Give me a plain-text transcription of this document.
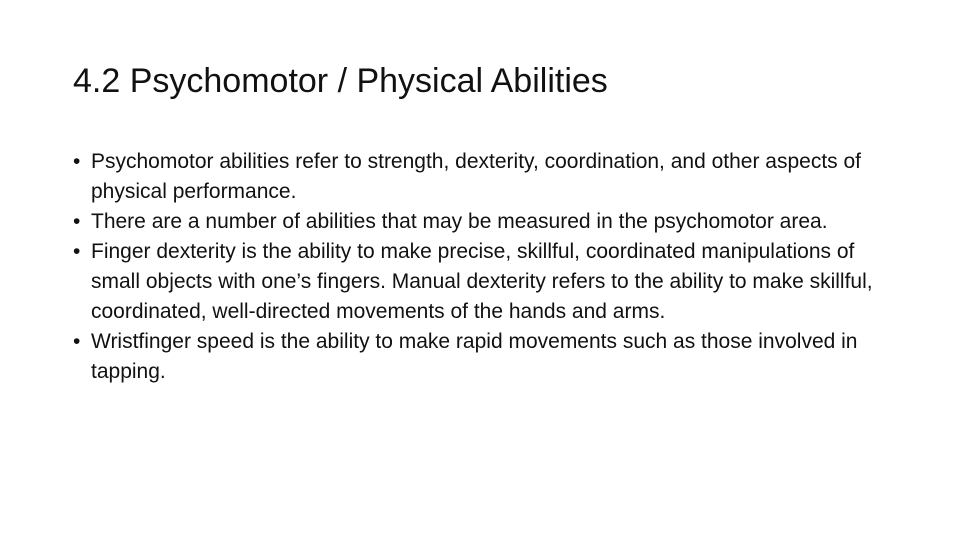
4.2 Psychomotor / Physical Abilities
• Psychomotor abilities refer to strength, dexterity, coordination, and other aspects of physical performance.
• There are a number of abilities that may be measured in the psychomotor area.
• Finger dexterity is the ability to make precise, skillful, coordinated manipulations of small objects with one’s fingers. Manual dexterity refers to the ability to make skillful, coordinated, well-directed movements of the hands and arms.
• Wristfinger speed is the ability to make rapid movements such as those involved in tapping.
